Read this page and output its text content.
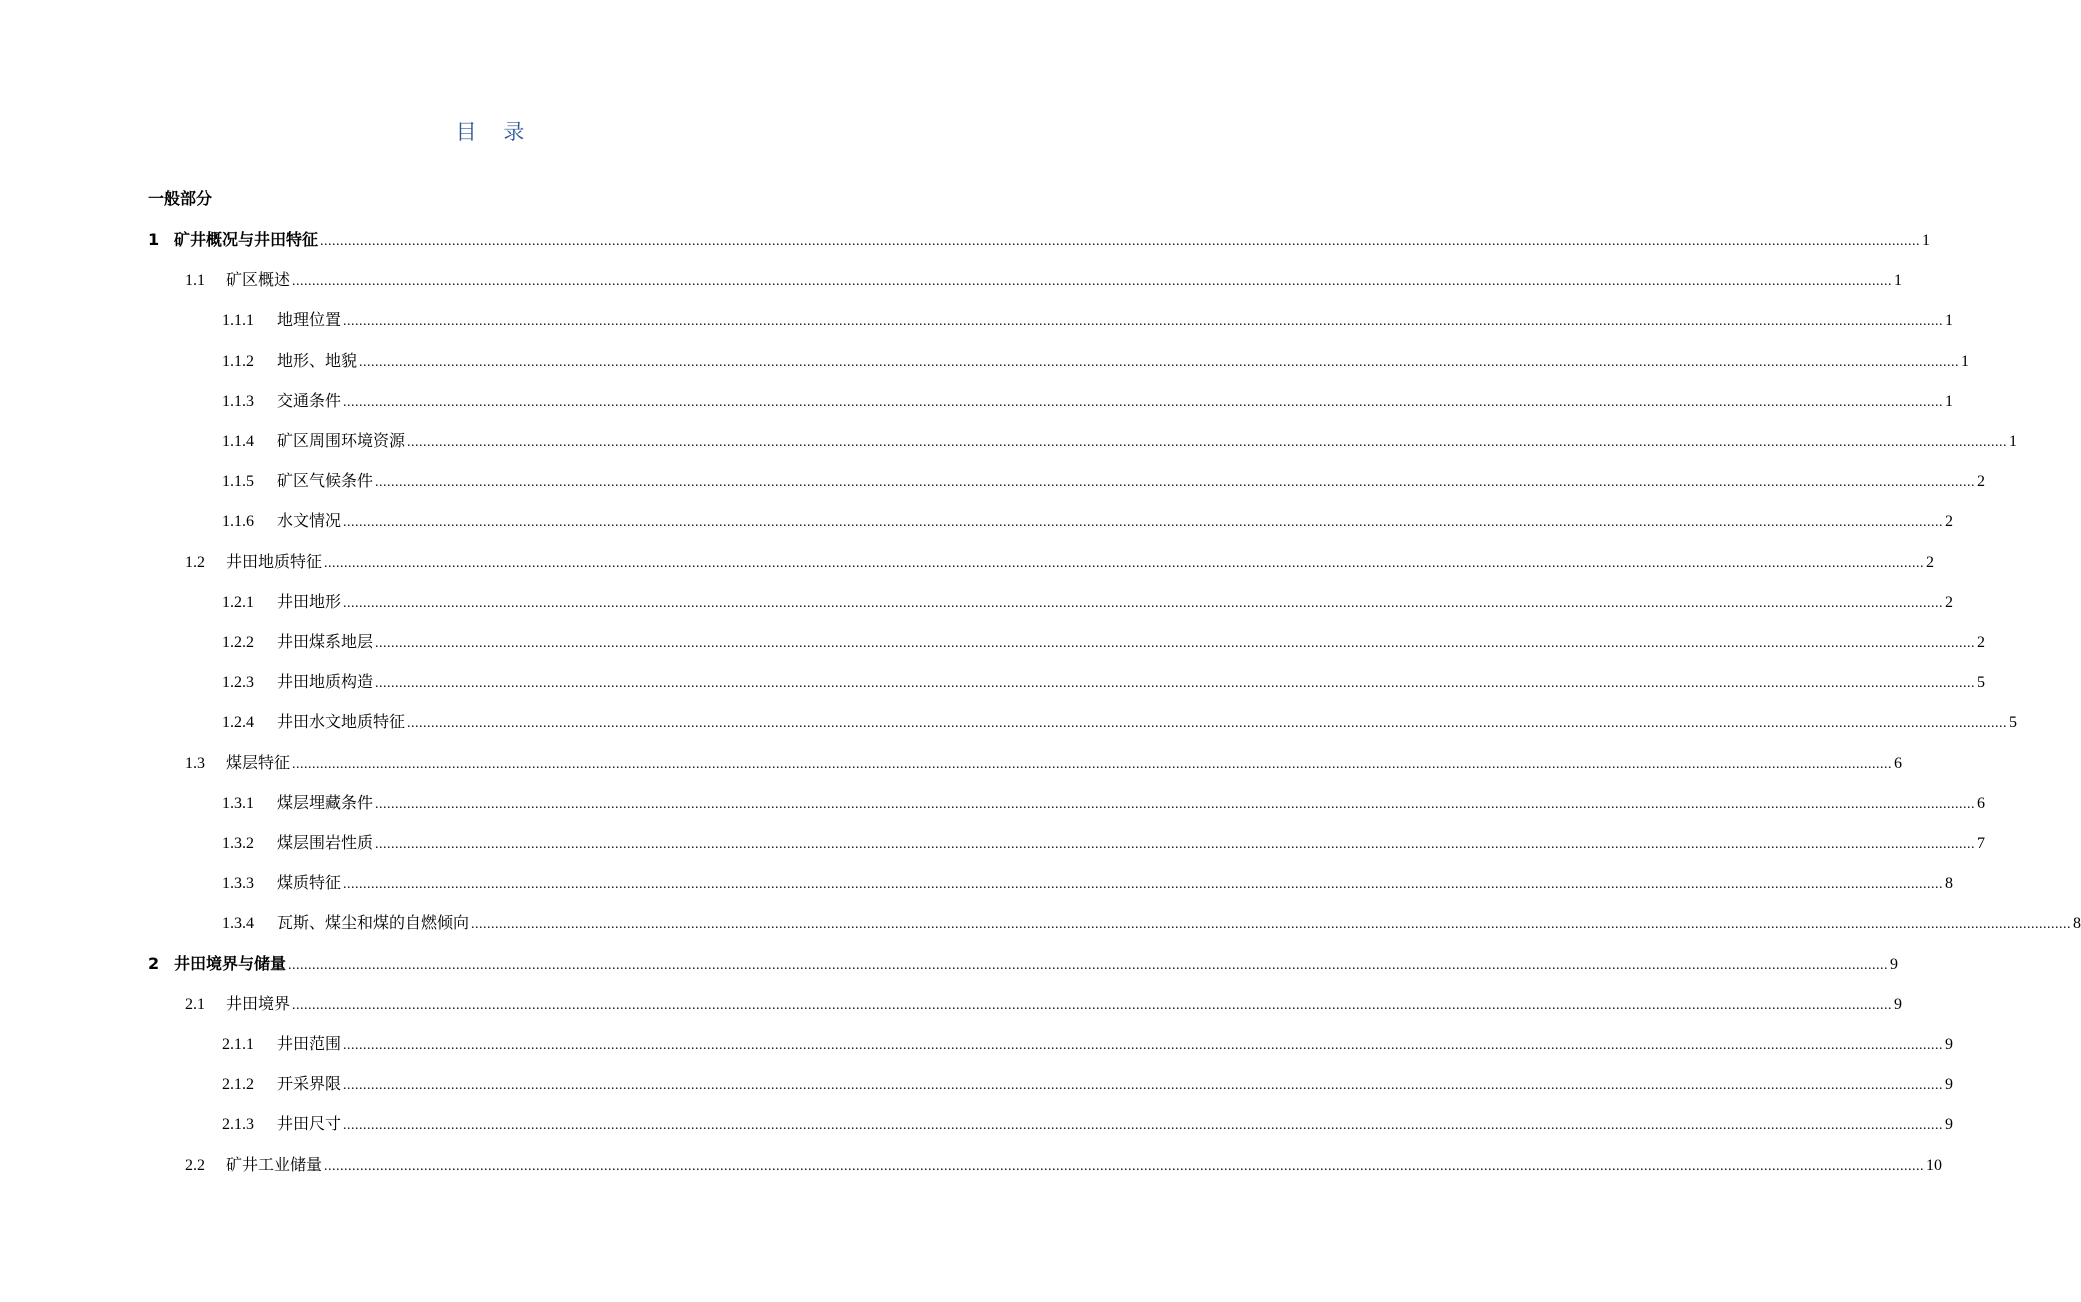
目    录
一般部分
1 矿井概况与井田特征 ................................................................................................................................................................................................................................................................................................................................................................................................................ 1
1.1	矿区概述 ................................................................................................................................................................................................................................................................................................................................................................................................................ 1
1.1.1	地理位置 ................................................................................................................................................................................................................................................................................................................................................................................................................ 1
1.1.2	地形、地貌 ................................................................................................................................................................................................................................................................................................................................................................................................................ 1
1.1.3	交通条件 ................................................................................................................................................................................................................................................................................................................................................................................................................ 1
1.1.4	矿区周围环境资源 ................................................................................................................................................................................................................................................................................................................................................................................................................ 1
1.1.5	矿区气候条件 ................................................................................................................................................................................................................................................................................................................................................................................................................ 2
1.1.6	水文情况 ................................................................................................................................................................................................................................................................................................................................................................................................................ 2
1.2	井田地质特征 ................................................................................................................................................................................................................................................................................................................................................................................................................ 2
1.2.1	井田地形 ................................................................................................................................................................................................................................................................................................................................................................................................................ 2
1.2.2	井田煤系地层 ................................................................................................................................................................................................................................................................................................................................................................................................................ 2
1.2.3	井田地质构造 ................................................................................................................................................................................................................................................................................................................................................................................................................ 5
1.2.4	井田水文地质特征 ................................................................................................................................................................................................................................................................................................................................................................................................................ 5
1.3	煤层特征 ................................................................................................................................................................................................................................................................................................................................................................................................................ 6
1.3.1	煤层埋藏条件 ................................................................................................................................................................................................................................................................................................................................................................................................................ 6
1.3.2	煤层围岩性质 ................................................................................................................................................................................................................................................................................................................................................................................................................ 7
1.3.3	煤质特征 ................................................................................................................................................................................................................................................................................................................................................................................................................ 8
1.3.4	瓦斯、煤尘和煤的自燃倾向 ................................................................................................................................................................................................................................................................................................................................................................................................................ 8
2 井田境界与储量 ................................................................................................................................................................................................................................................................................................................................................................................................................ 9
2.1	井田境界 ................................................................................................................................................................................................................................................................................................................................................................................................................ 9
2.1.1	井田范围 ................................................................................................................................................................................................................................................................................................................................................................................................................ 9
2.1.2	开采界限 ................................................................................................................................................................................................................................................................................................................................................................................................................ 9
2.1.3	井田尺寸 ................................................................................................................................................................................................................................................................................................................................................................................................................ 9
2.2	矿井工业储量 ................................................................................................................................................................................................................................................................................................................................................................................................................ 10
